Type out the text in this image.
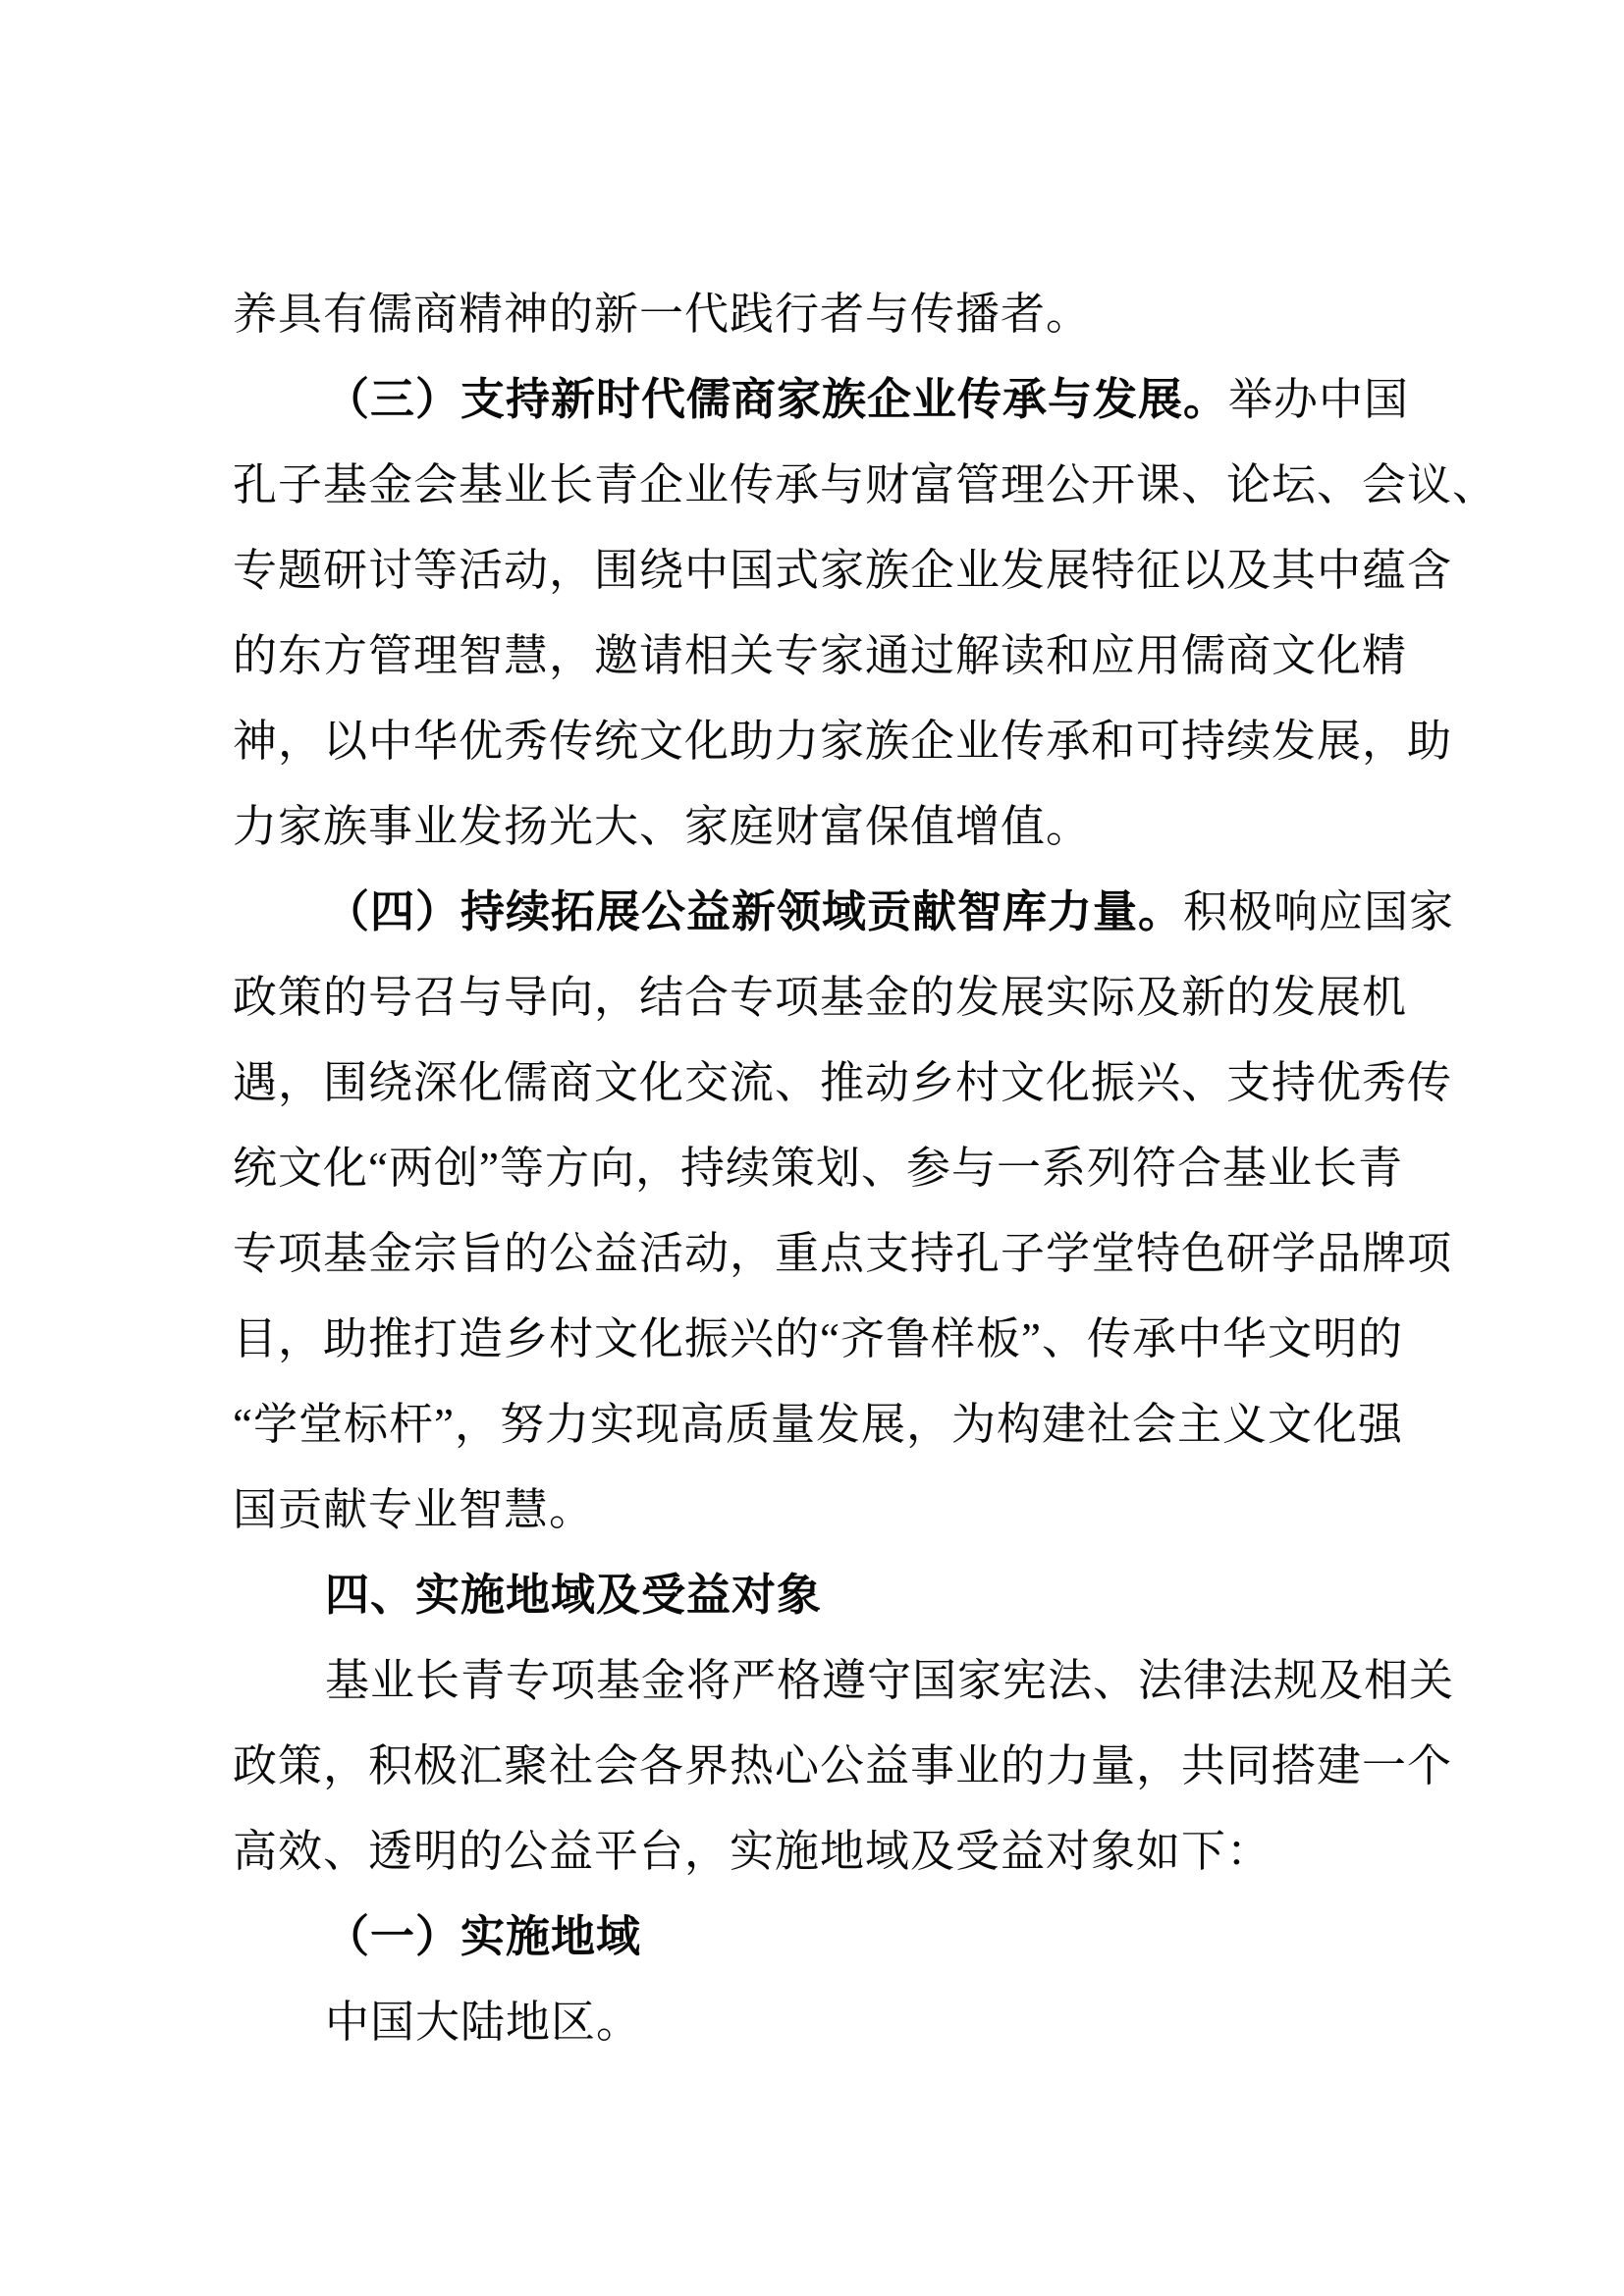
养具有儒商精神的新一代践行者与传播者。
（三）支持新时代儒商家族企业传承与发展。举办中国
孔子基金会基业长青企业传承与财富管理公开课、论坛、会议、
专题研讨等活动，围绕中国式家族企业发展特征以及其中蕴含
的东方管理智慧，邀请相关专家通过解读和应用儒商文化精
神，以中华优秀传统文化助力家族企业传承和可持续发展，助
力家族事业发扬光大、家庭财富保值增值。
（四）持续拓展公益新领域贡献智库力量。积极响应国家
政策的号召与导向，结合专项基金的发展实际及新的发展机
遇，围绕深化儒商文化交流、推动乡村文化振兴、支持优秀传
统文化“两创”等方向，持续策划、参与一系列符合基业长青
专项基金宗旨的公益活动，重点支持孔子学堂特色研学品牌项
目，助推打造乡村文化振兴的“齐鲁样板”、传承中华文明的
“学堂标杆”，努力实现高质量发展，为构建社会主义文化强
国贡献专业智慧。
四、实施地域及受益对象
基业长青专项基金将严格遵守国家宪法、法律法规及相关
政策，积极汇聚社会各界热心公益事业的力量，共同搭建一个
高效、透明的公益平台，实施地域及受益对象如下：
（一）实施地域
中国大陆地区。
